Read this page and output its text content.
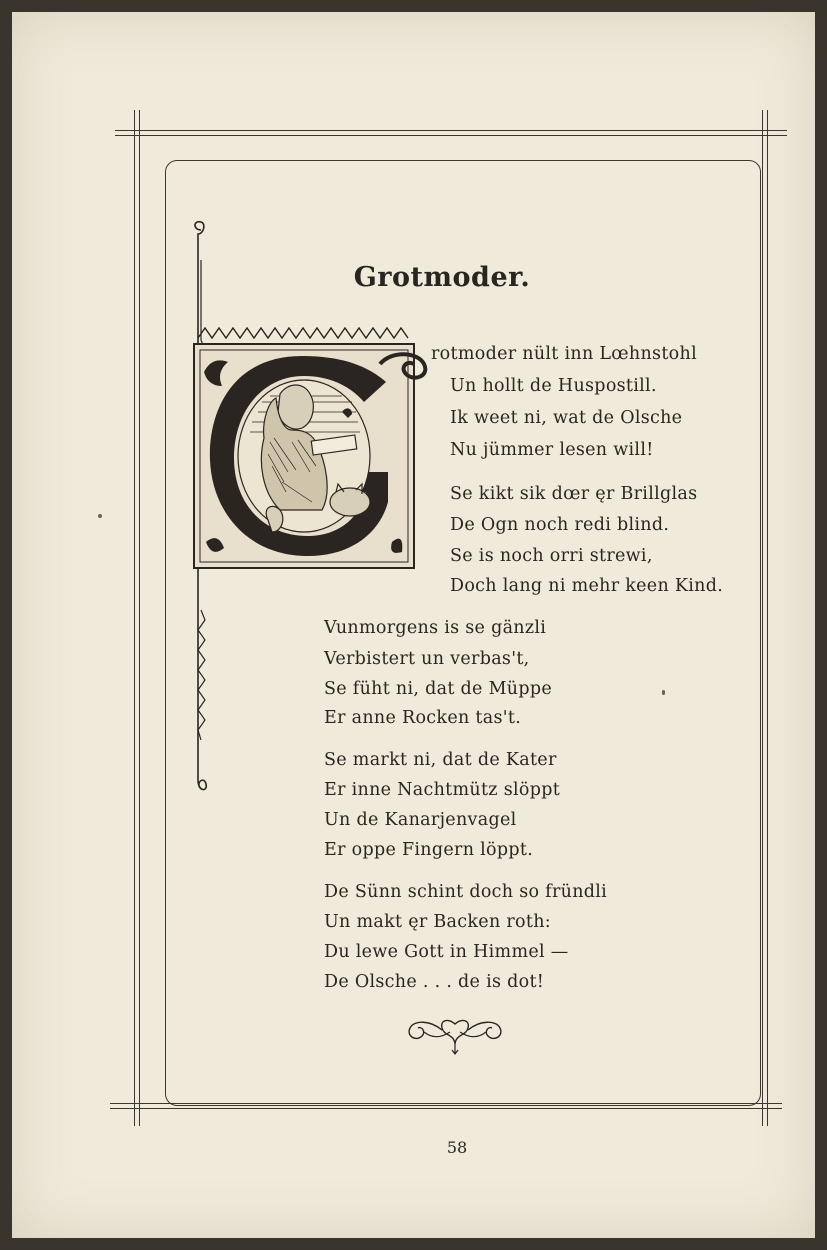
Grotmoder.
rotmoder nült inn Lœhnstohl
Un hollt de Huspostill.
Ik weet ni, wat de Olsche
Nu jümmer lesen will!
Se kikt sik dœr ęr Brillglas
De Ogn noch redi blind.
Se is noch orri strewi,
Doch lang ni mehr keen Kind.
Vunmorgens is se gänzli
Verbistert un verbas't,
Se füht ni, dat de Müppe
Er anne Rocken tas't.
Se markt ni, dat de Kater
Er inne Nachtmütz slöppt
Un de Kanarjenvagel
Er oppe Fingern löppt.
De Sünn schint doch so fründli
Un makt ęr Backen roth:
Du lewe Gott in Himmel —
De Olsche . . . de is dot!
58
